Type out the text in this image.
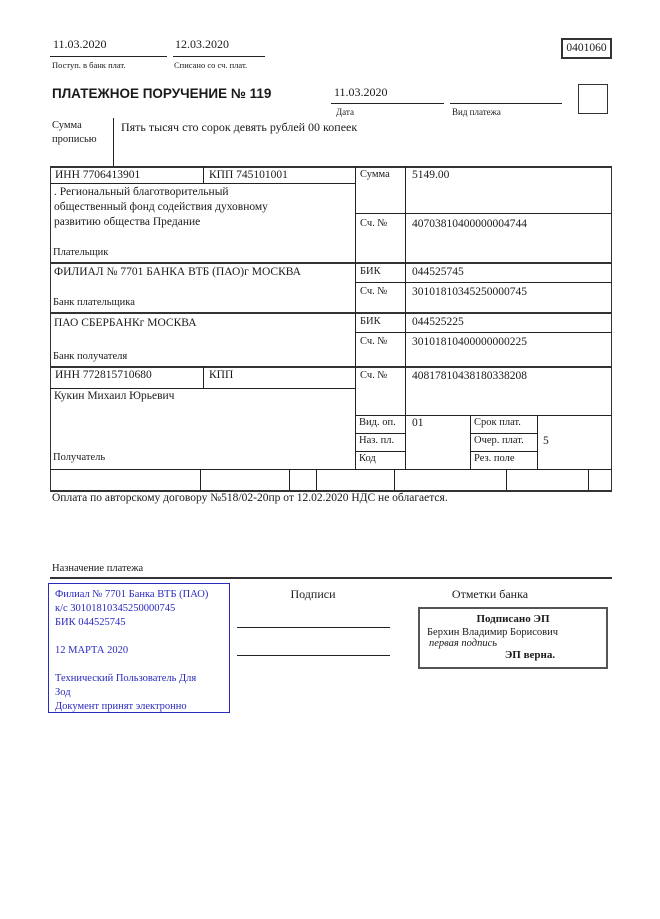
11.03.2020
Поступ. в банк плат.
12.03.2020
Списано со сч. плат.
0401060
ПЛАТЕЖНОЕ ПОРУЧЕНИЕ № 119	11.03.2020
Дата	Вид платежа
Сумма
прописью
Пять тысяч сто сорок девять рублей 00 копеек
ИНН 7706413901	КПП 745101001	Сумма 5149.00
. Региональный благотворительный
общественный фонд содействия духовному
развитию общества Предание	Сч. № 40703810400000004744
Плательщик
ФИЛИАЛ № 7701 БАНКА ВТБ (ПАО)г МОСКВА	БИК	044525745
Сч. № 30101810345250000745
Банк плательщика
ПАО СБЕРБАНКг МОСКВА	БИК	044525225
Сч. № 30101810400000000225
Банк получателя
ИНН 772815710680	КПП	Сч. № 40817810438180338208
Кукин Михаил Юрьевич
Получатель
Вид. оп. 01	Срок плат.
Наз. пл.	Очер. плат. 5
Код	Рез. поле
Оплата по авторскому договору №518/02-20пр от 12.02.2020 НДС не облагается.
Назначение платежа
Филиал № 7701 Банка ВТБ (ПАО)
к/с 30101810345250000745
БИК 044525745
12 МАРТА 2020
Технический Пользователь Для
Зод
Документ принят электронно
Подписи	Отметки банка
Подписано ЭП
Берхин Владимир Борисович
первая подпись
ЭП верна.
